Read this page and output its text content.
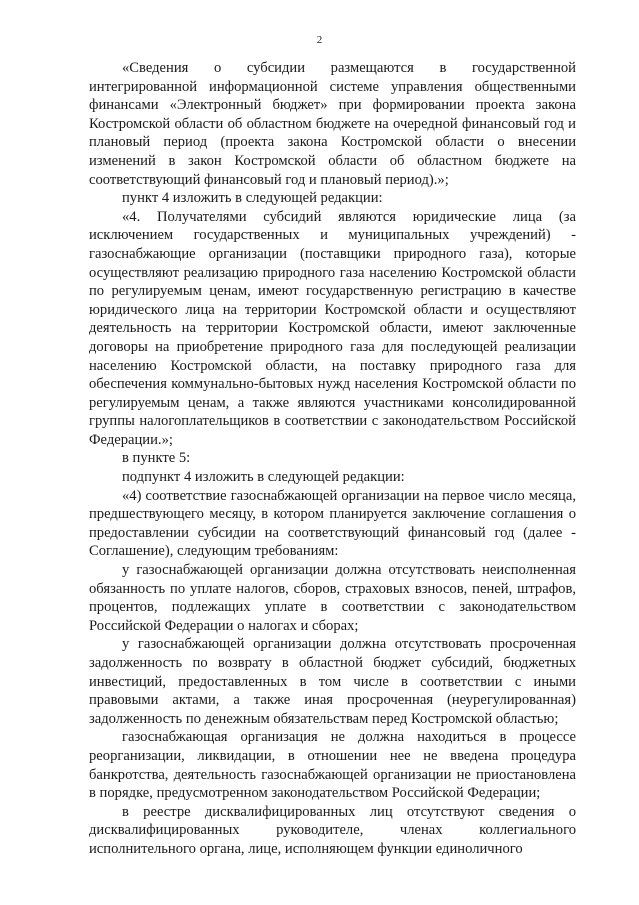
2

«Сведения о субсидии размещаются в государственной интегрированной информационной системе управления общественными финансами «Электронный бюджет» при формировании проекта закона Костромской области об областном бюджете на очередной финансовый год и плановый период (проекта закона Костромской области о внесении изменений в закон Костромской области об областном бюджете на соответствующий финансовый год и плановый период).»;

пункт 4 изложить в следующей редакции:

«4. Получателями субсидий являются юридические лица (за исключением государственных и муниципальных учреждений) - газоснабжающие организации (поставщики природного газа), которые осуществляют реализацию природного газа населению Костромской области по регулируемым ценам, имеют государственную регистрацию в качестве юридического лица на территории Костромской области и осуществляют деятельность на территории Костромской области, имеют заключенные договоры на приобретение природного газа для последующей реализации населению Костромской области, на поставку природного газа для обеспечения коммунально-бытовых нужд населения Костромской области по регулируемым ценам, а также являются участниками консолидированной группы налогоплательщиков в соответствии с законодательством Российской Федерации.»;

в пункте 5:

подпункт 4 изложить в следующей редакции:

«4) соответствие газоснабжающей организации на первое число месяца, предшествующего месяцу, в котором планируется заключение соглашения о предоставлении субсидии на соответствующий финансовый год (далее - Соглашение), следующим требованиям:

у газоснабжающей организации должна отсутствовать неисполненная обязанность по уплате налогов, сборов, страховых взносов, пеней, штрафов, процентов, подлежащих уплате в соответствии с законодательством Российской Федерации о налогах и сборах;

у газоснабжающей организации должна отсутствовать просроченная задолженность по возврату в областной бюджет субсидий, бюджетных инвестиций, предоставленных в том числе в соответствии с иными правовыми актами, а также иная просроченная (неурегулированная) задолженность по денежным обязательствам перед Костромской областью;

газоснабжающая организация не должна находиться в процессе реорганизации, ликвидации, в отношении нее не введена процедура банкротства, деятельность газоснабжающей организации не приостановлена в порядке, предусмотренном законодательством Российской Федерации;

в реестре дисквалифицированных лиц отсутствуют сведения о дисквалифицированных руководителе, членах коллегиального исполнительного органа, лице, исполняющем функции единоличного
